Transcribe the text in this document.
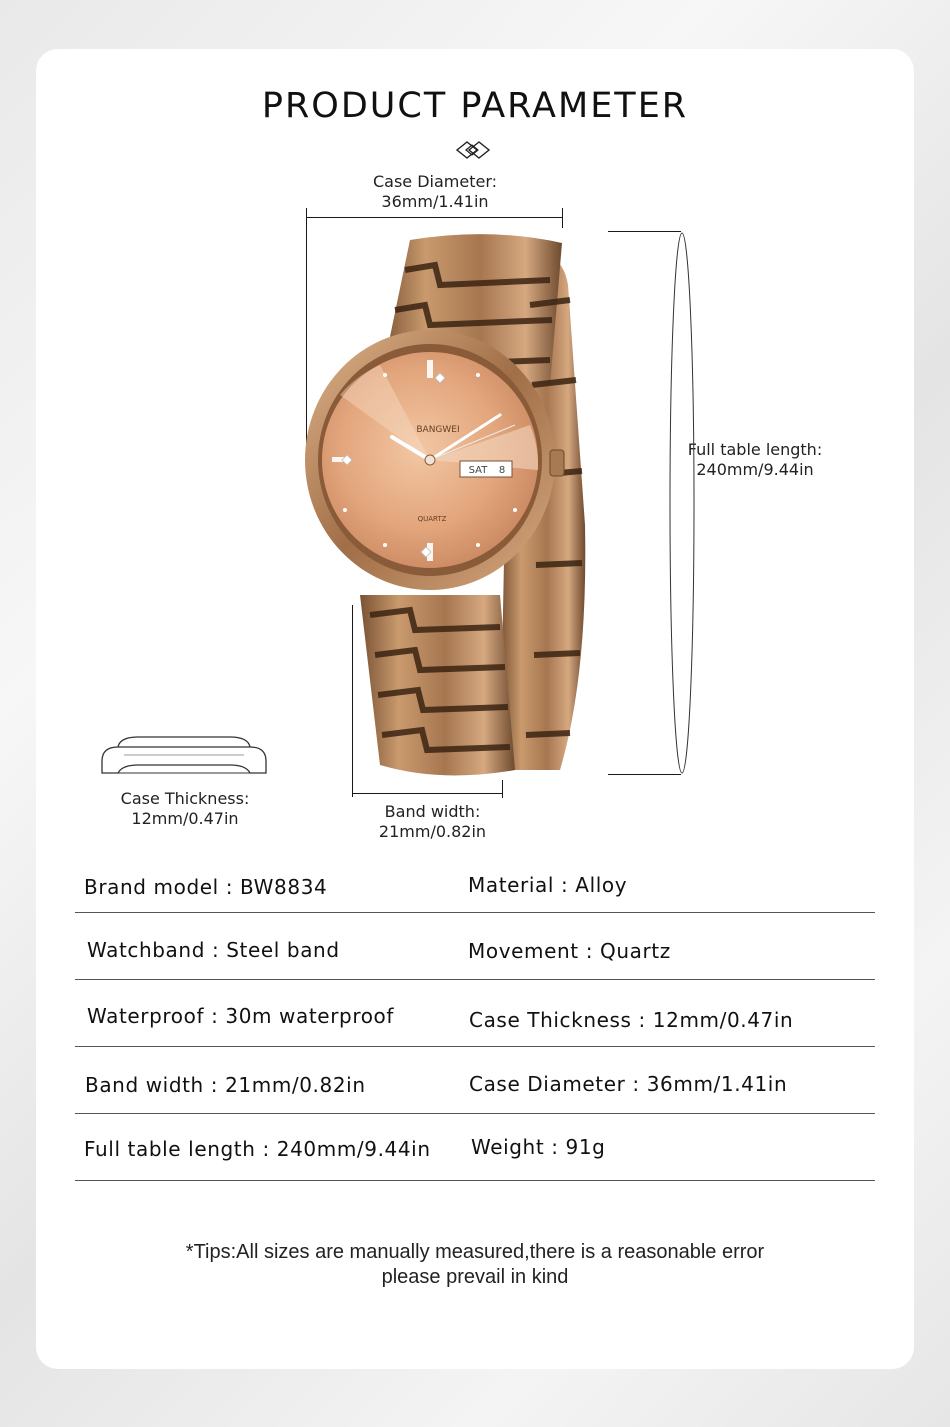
PRODUCT PARAMETER
Case Diameter:
36mm/1.41in
Full table length:
240mm/9.44in
Band width:
21mm/0.82in
Case Thickness:
12mm/0.47in
BANGWEI
QUARTZ
SAT 8
Brand model : BW8834	Material : Alloy
Watchband : Steel band	Movement : Quartz
Waterproof : 30m waterproof	Case Thickness : 12mm/0.47in
Band width : 21mm/0.82in	Case Diameter : 36mm/1.41in
Full table length : 240mm/9.44in Weight : 91g
*Tips:All sizes are manually measured,there is a reasonable error
please prevail in kind
